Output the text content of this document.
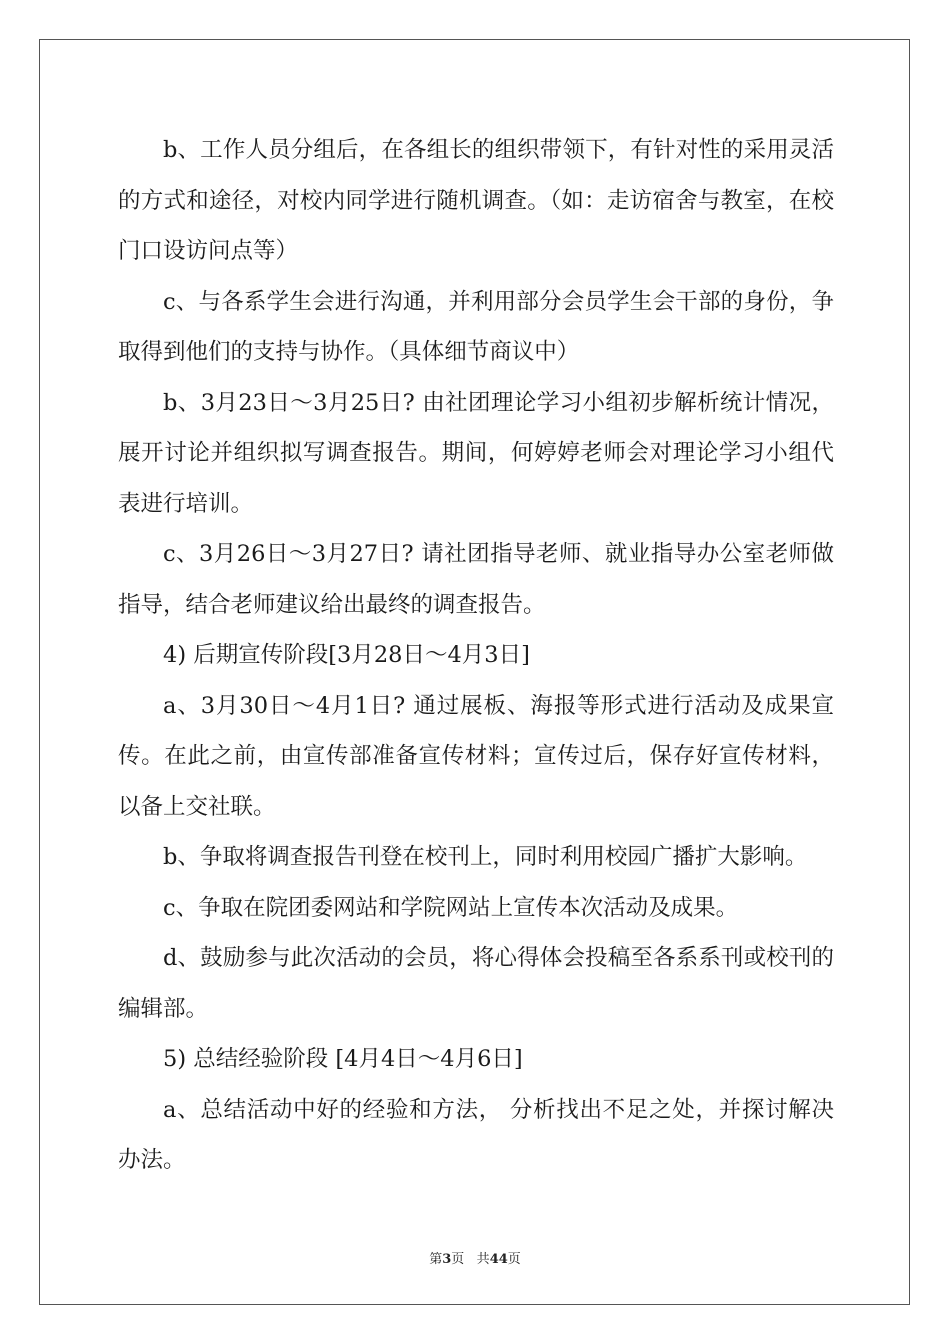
b、工作人员分组后，在各组长的组织带领下，有针对性的采用灵活的方式和途径，对校内同学进行随机调查。（如：走访宿舍与教室，在校门口设访问点等）

c、与各系学生会进行沟通，并利用部分会员学生会干部的身份，争取得到他们的支持与协作。（具体细节商议中）

b、3月23日～3月25日? 由社团理论学习小组初步解析统计情况，展开讨论并组织拟写调查报告。期间，何婷婷老师会对理论学习小组代表进行培训。

c、3月26日～3月27日? 请社团指导老师、就业指导办公室老师做指导，结合老师建议给出最终的调查报告。

4) 后期宣传阶段[3月28日～4月3日]

a、3月30日～4月1日? 通过展板、海报等形式进行活动及成果宣传。在此之前，由宣传部准备宣传材料；宣传过后，保存好宣传材料，以备上交社联。

b、争取将调查报告刊登在校刊上，同时利用校园广播扩大影响。

c、争取在院团委网站和学院网站上宣传本次活动及成果。

d、鼓励参与此次活动的会员，将心得体会投稿至各系系刊或校刊的编辑部。

5) 总结经验阶段 [4月4日～4月6日]

a、总结活动中好的经验和方法， 分析找出不足之处，并探讨解决办法。

第3页 共44页
